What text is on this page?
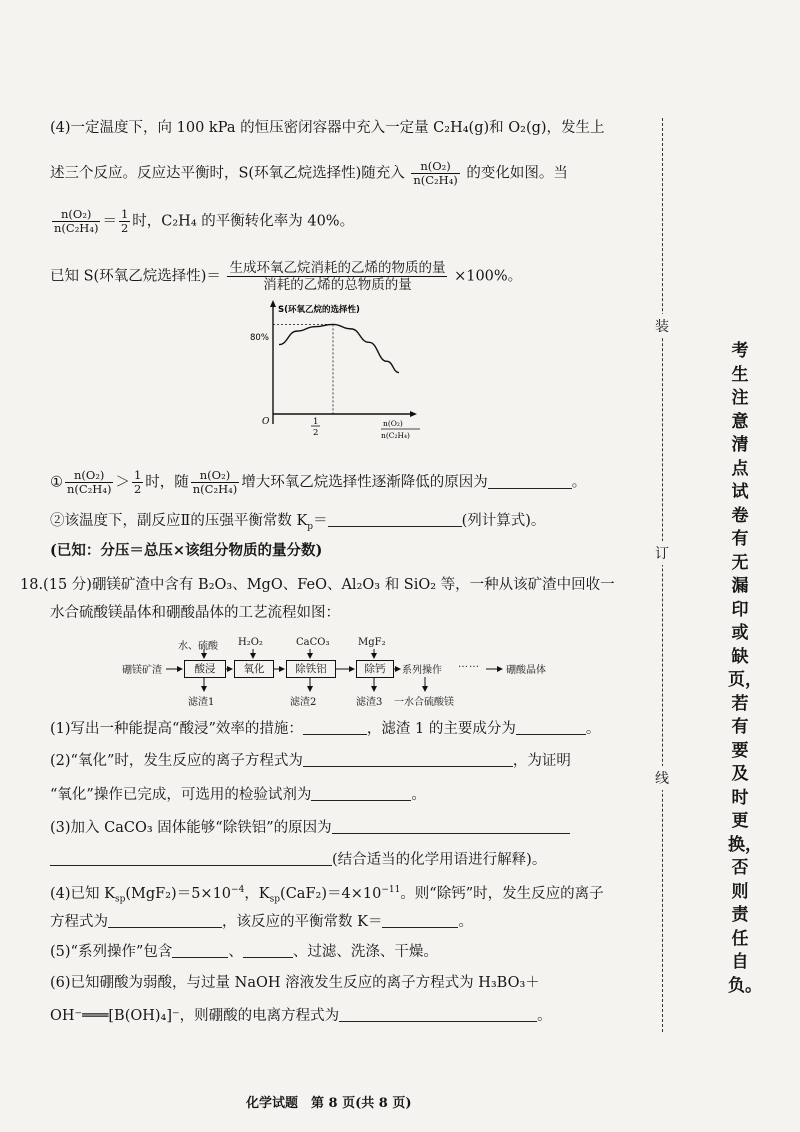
(4)一定温度下，向 100 kPa 的恒压密闭容器中充入一定量 C₂H₄(g)和 O₂(g)，发生上
述三个反应。反应达平衡时，S(环氧乙烷选择性)随充入 $\frac{\text{n(O₂)}}{\text{n(C₂H₄)}}$ 的变化如图。当
$\frac{\text{n(O₂)}}{\text{n(C₂H₄)}} = \frac{1}{2}$ 时，C₂H₄ 的平衡转化率为 40%。
已知 S(环氧乙烷选择性)＝ $\frac{\text{生成环氧乙烷消耗的乙烯的物质的量}}{\text{消耗的乙烯的总物质的量}} \times 100\%$。
S(环氧乙烷的选择性)
80%
O	1
2
n(O₂)
n(C₂H₄)
① $\frac{\text{n(O₂)}}{\text{n(C₂H₄)}} > \frac{1}{2}$ 时，随 $\frac{\text{n(O₂)}}{\text{n(C₂H₄)}}$ 增大环氧乙烷选择性逐渐降低的原因为	。
②该温度下，副反应Ⅱ的压强平衡常数 $K_p=$	(列计算式)。
(已知：分压＝总压×该组分物质的量分数)
18.(15 分)硼镁矿渣中含有 B₂O₃、MgO、FeO、Al₂O₃ 和 SiO₂ 等，一种从该矿渣中回收一
水合硫酸镁晶体和硼酸晶体的工艺流程如图：
硼镁矿渣
水、硫酸 H₂O₂	CaCO₃	MgF₂
酸浸	氧化	除铁铝	除钙	系列操作
……
硼酸晶体
滤渣1	滤渣2	滤渣3 一水合硫酸镁
(1)写出一种能提高“酸浸”效率的措施：	，滤渣 1 的主要成分为	。
(2)“氧化”时，发生反应的离子方程式为	，为证明
“氧化”操作已完成，可选用的检验试剂为	。
(3)加入 CaCO₃ 固体能够“除铁铝”的原因为
(结合适当的化学用语进行解释)。
(4)已知 $K_{sp}(MgF_2)=5\times 10^{-4}$，$K_{sp}(CaF_2)=4\times 10^{-11}$。则“除钙”时，发生反应的离子
方程式为	，该反应的平衡常数 K＝	。
(5)“系列操作”包含	、	、过滤、洗涤、干燥。
(6)已知硼酸为弱酸，与过量 NaOH 溶液发生反应的离子方程式为 H₃BO₃＋
OH⁻═══[B(OH)₄]⁻，则硼酸的电离方程式为	。
化学试题　第 8 页(共 8 页)
装
订
线
考生注意清点试卷有无漏印或缺页，若有要及时更换，否则责任自负。
